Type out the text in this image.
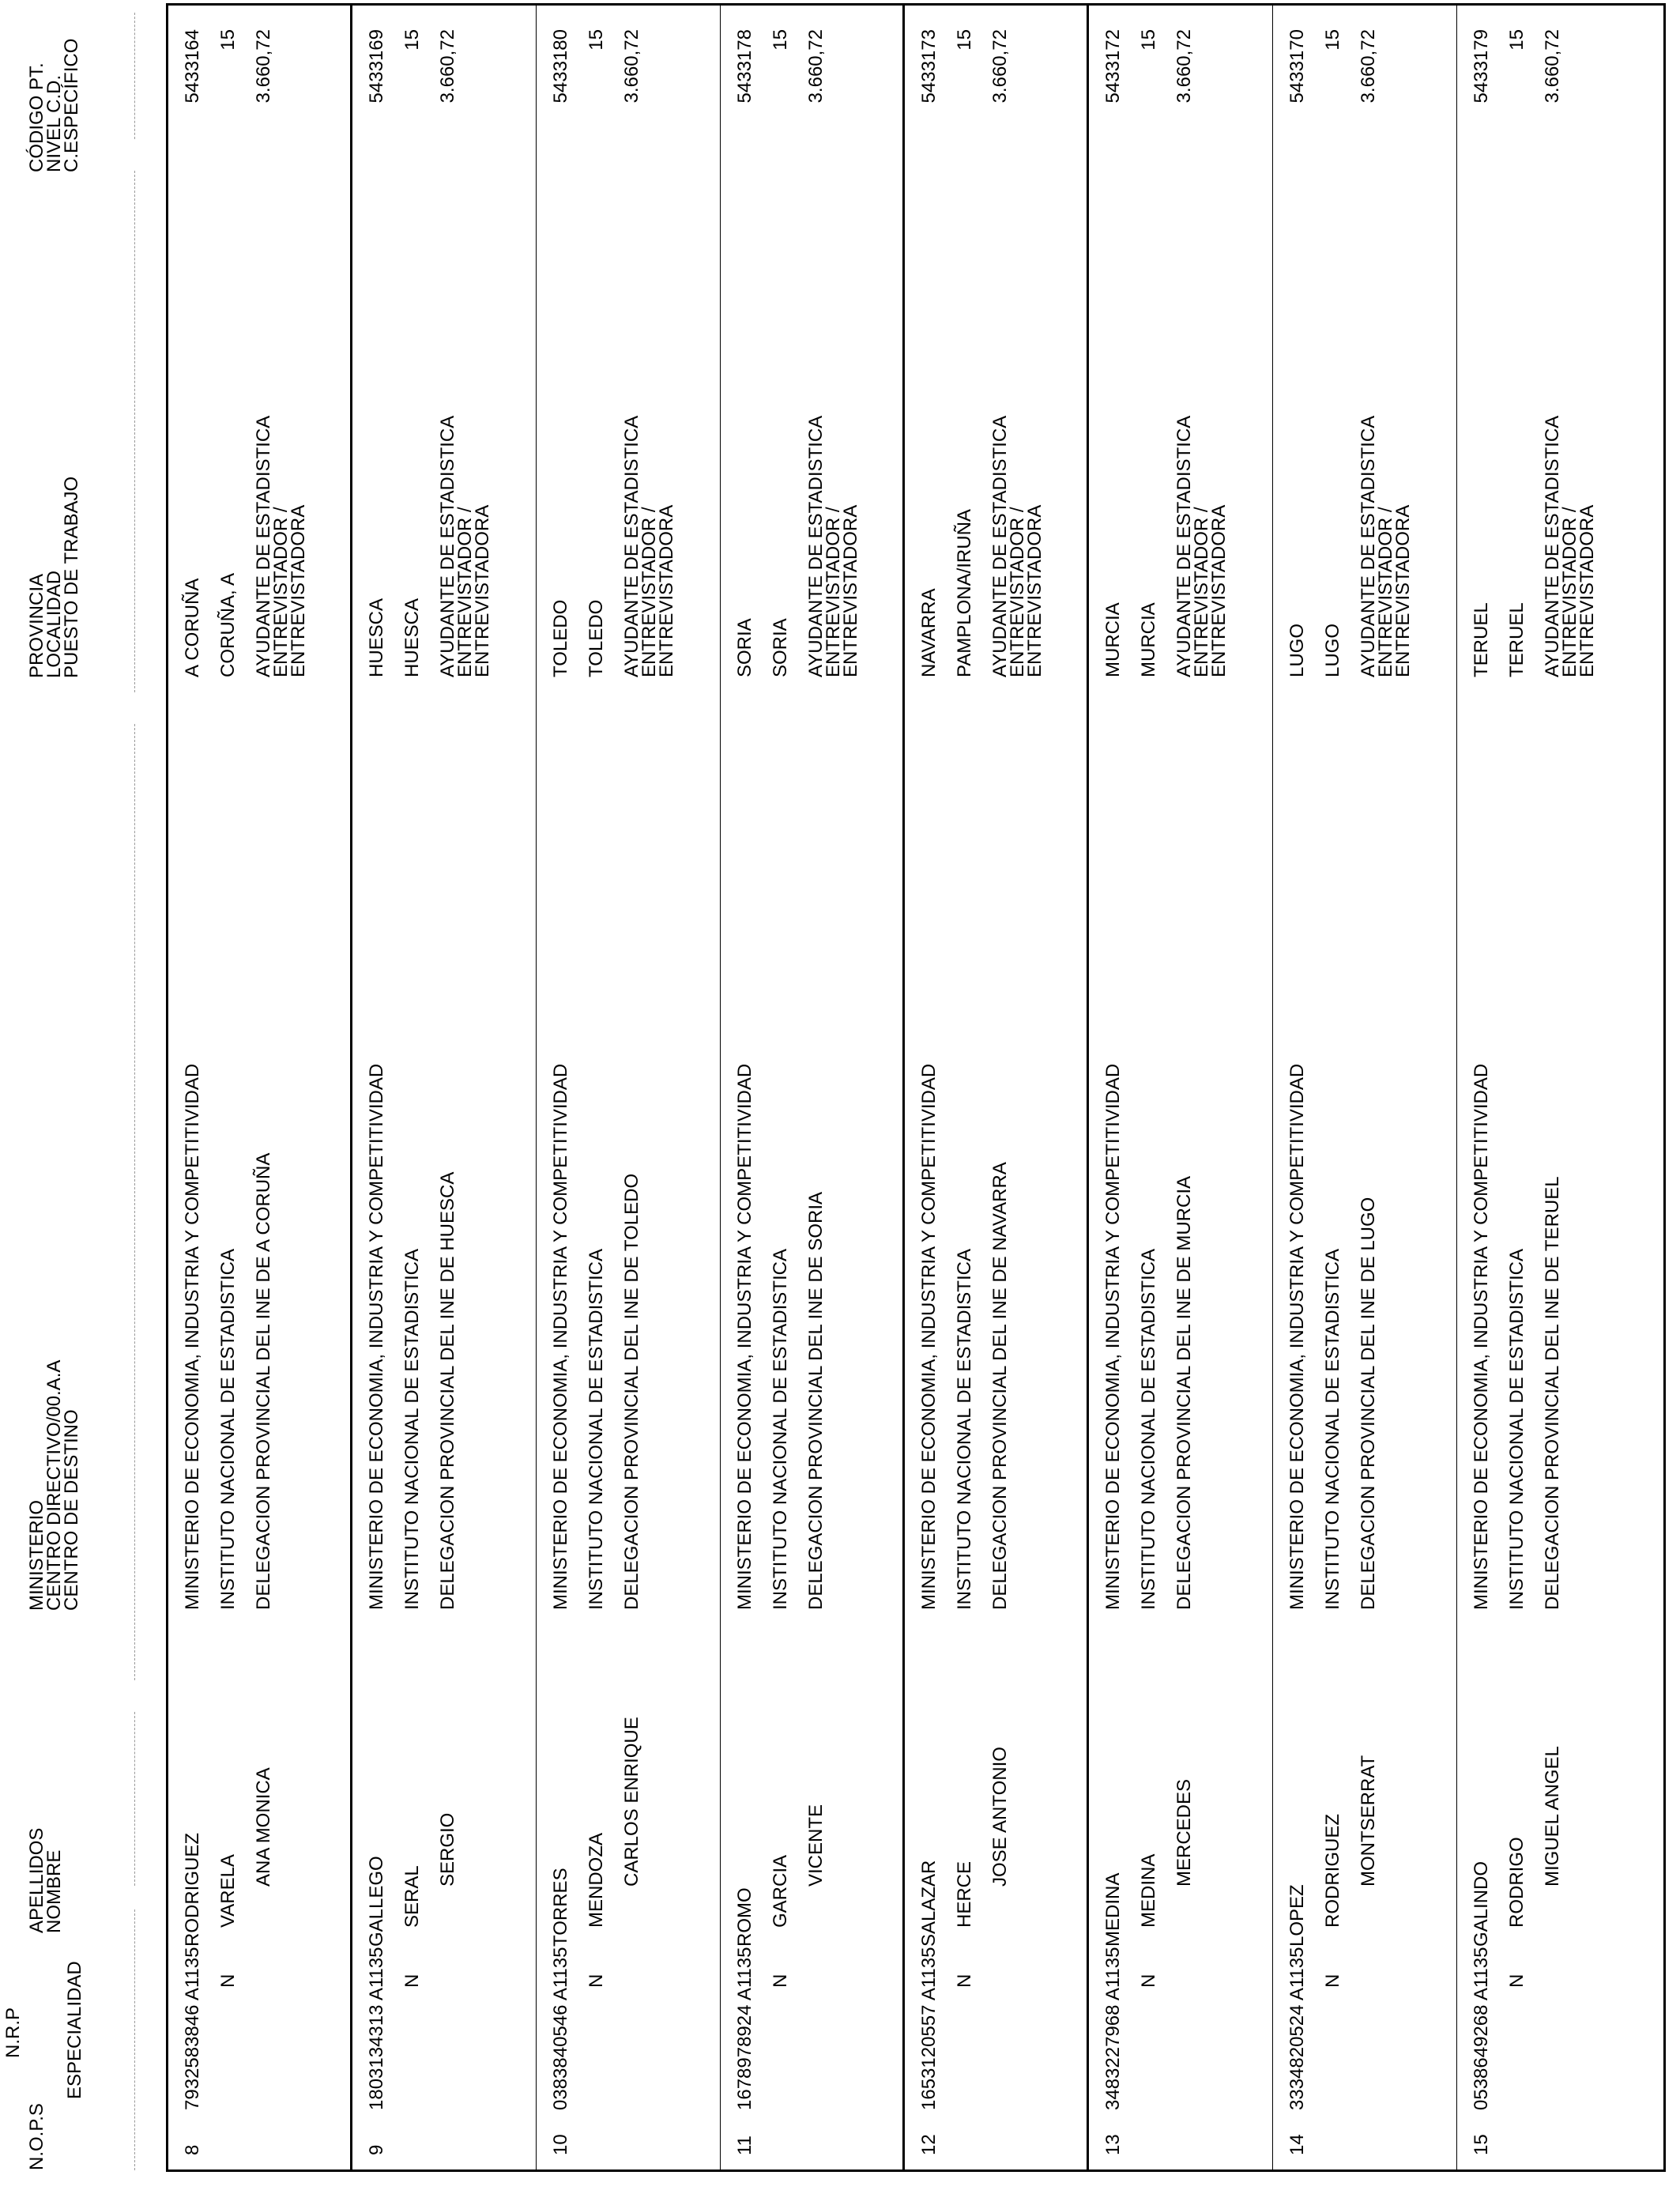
N.O.P.S
N.R.P ESPECIALIDAD
APELLIDOS
NOMBRE
MINISTERIO
CENTRO DIRECTIVO/00.A.A
CENTRO DE DESTINO
PROVINCIA
LOCALIDAD
PUESTO DE TRABAJO
CÓDIGO PT.
NIVEL C.D.
C.ESPECÍFICO
8
7932583846 A1135 N
RODRIGUEZ VARELA
ANA MONICA
MINISTERIO DE ECONOMIA, INDUSTRIA Y COMPETITIVIDAD INSTITUTO NACIONAL DE ESTADISTICA DELEGACION PROVINCIAL DEL INE DE A CORUÑA
A CORUÑA CORUÑA, A AYUDANTE DE ESTADISTICA
ENTREVISTADOR /
ENTREVISTADORA
5433164 15 3.660,72
9
1803134313 A1135 N
GALLEGO SERAL
SERGIO
MINISTERIO DE ECONOMIA, INDUSTRIA Y COMPETITIVIDAD INSTITUTO NACIONAL DE ESTADISTICA DELEGACION PROVINCIAL DEL INE DE HUESCA
HUESCA HUESCA AYUDANTE DE ESTADISTICA
ENTREVISTADOR /
ENTREVISTADORA
5433169 15 3.660,72
10
0383840546 A1135 N
TORRES MENDOZA CARLOS ENRIQUE
MINISTERIO DE ECONOMIA, INDUSTRIA Y COMPETITIVIDAD INSTITUTO NACIONAL DE ESTADISTICA DELEGACION PROVINCIAL DEL INE DE TOLEDO
TOLEDO TOLEDO AYUDANTE DE ESTADISTICA
ENTREVISTADOR /
ENTREVISTADORA
5433180 15 3.660,72
11
1678978924 A1135 N
ROMO GARCIA
VICENTE
MINISTERIO DE ECONOMIA, INDUSTRIA Y COMPETITIVIDAD INSTITUTO NACIONAL DE ESTADISTICA DELEGACION PROVINCIAL DEL INE DE SORIA
SORIA SORIA AYUDANTE DE ESTADISTICA
ENTREVISTADOR /
ENTREVISTADORA
5433178 15 3.660,72
12
1653120557 A1135 N
SALAZAR HERCE
JOSE ANTONIO
MINISTERIO DE ECONOMIA, INDUSTRIA Y COMPETITIVIDAD INSTITUTO NACIONAL DE ESTADISTICA DELEGACION PROVINCIAL DEL INE DE NAVARRA
NAVARRA PAMPLONA/IRUÑA AYUDANTE DE ESTADISTICA
ENTREVISTADOR /
ENTREVISTADORA
5433173 15 3.660,72
13
3483227968 A1135 N
MEDINA MEDINA
MERCEDES
MINISTERIO DE ECONOMIA, INDUSTRIA Y COMPETITIVIDAD INSTITUTO NACIONAL DE ESTADISTICA DELEGACION PROVINCIAL DEL INE DE MURCIA
MURCIA MURCIA AYUDANTE DE ESTADISTICA
ENTREVISTADOR /
ENTREVISTADORA
5433172 15 3.660,72
14
3334820524 A1135 N
LOPEZ RODRIGUEZ MONTSERRAT
MINISTERIO DE ECONOMIA, INDUSTRIA Y COMPETITIVIDAD INSTITUTO NACIONAL DE ESTADISTICA DELEGACION PROVINCIAL DEL INE DE LUGO
LUGO LUGO AYUDANTE DE ESTADISTICA
ENTREVISTADOR /
ENTREVISTADORA
5433170 15 3.660,72
15
0538649268 A1135 N
GALINDO RODRIGO MIGUEL ANGEL
MINISTERIO DE ECONOMIA, INDUSTRIA Y COMPETITIVIDAD INSTITUTO NACIONAL DE ESTADISTICA DELEGACION PROVINCIAL DEL INE DE TERUEL
TERUEL TERUEL AYUDANTE DE ESTADISTICA
ENTREVISTADOR /
ENTREVISTADORA
5433179 15 3.660,72
